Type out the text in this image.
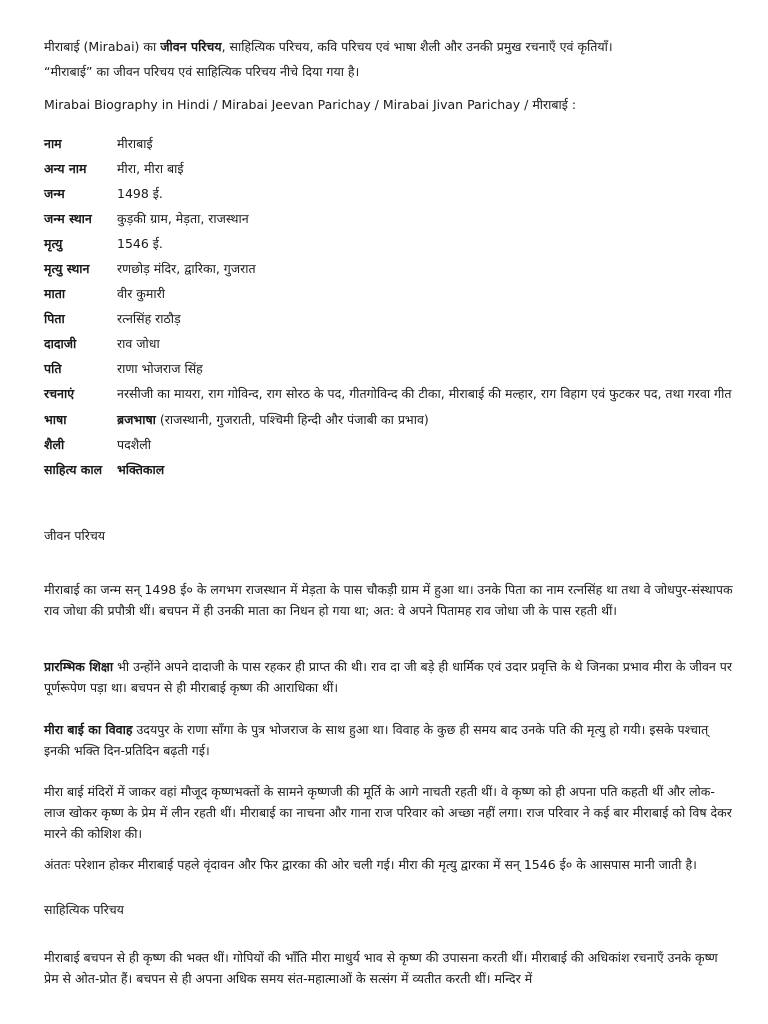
मीराबाई (Mirabai) का जीवन परिचय, साहित्यिक परिचय, कवि परिचय एवं भाषा शैली और उनकी प्रमुख रचनाएँ एवं कृतियाँ।
“मीराबाई” का जीवन परिचय एवं साहित्यिक परिचय नीचे दिया गया है।

Mirabai Biography in Hindi / Mirabai Jeevan Parichay / Mirabai Jivan Parichay / मीराबाई :

नाम	मीराबाई
अन्य नाम	मीरा, मीरा बाई
जन्म	1498 ई.
जन्म स्थान	कुड़की ग्राम, मेड़ता, राजस्थान
मृत्यु	1546 ई.
मृत्यु स्थान	रणछोड़ मंदिर, द्वारिका, गुजरात
माता	वीर कुमारी
पिता	रत्नसिंह राठौड़
दादाजी	राव जोधा
पति	राणा भोजराज सिंह
रचनाएं	नरसीजी का मायरा, राग गोविन्द, राग सोरठ के पद, गीतगोविन्द की टीका, मीराबाई की मल्हार, राग विहाग एवं फुटकर पद, तथा गरवा गीत
भाषा	ब्रजभाषा (राजस्थानी, गुजराती, पश्चिमी हिन्दी और पंजाबी का प्रभाव)
शैली	पदशैली
साहित्य काल	भक्तिकाल
जीवन परिचय

मीराबाई का जन्म सन् 1498 ई० के लगभग राजस्थान में मेड़ता के पास चौकड़ी ग्राम में हुआ था। उनके पिता का नाम रत्नसिंह था तथा वे जोधपुर-संस्थापक राव जोधा की प्रपौत्री थीं। बचपन में ही उनकी माता का निधन हो गया था; अत: वे अपने पितामह राव जोधा जी के पास रहती थीं।

प्रारम्भिक शिक्षा भी उन्होंने अपने दादाजी के पास रहकर ही प्राप्त की थी। राव दा जी बड़े ही धार्मिक एवं उदार प्रवृत्ति के थे जिनका प्रभाव मीरा के जीवन पर पूर्णरूपेण पड़ा था। बचपन से ही मीराबाई कृष्ण की आराधिका थीं।

मीरा बाई का विवाह उदयपुर के राणा साँगा के पुत्र भोजराज के साथ हुआ था। विवाह के कुछ ही समय बाद उनके पति की मृत्यु हो गयी। इसके पश्चात् इनकी भक्ति दिन-प्रतिदिन बढ़ती गई।

मीरा बाई मंदिरों में जाकर वहां मौजूद कृष्णभक्तों के सामने कृष्णजी की मूर्ति के आगे नाचती रहती थीं। वे कृष्ण को ही अपना पति कहती थीं और लोक-लाज खोकर कृष्ण के प्रेम में लीन रहती थीं। मीराबाई का नाचना और गाना राज परिवार को अच्छा नहीं लगा। राज परिवार ने कई बार मीराबाई को विष देकर मारने की कोशिश की।

अंततः परेशान होकर मीराबाई पहले वृंदावन और फिर द्वारका की ओर चली गई। मीरा की मृत्यु द्वारका में सन् 1546 ई० के आसपास मानी जाती है।

साहित्यिक परिचय

मीराबाई बचपन से ही कृष्ण की भक्त थीं। गोपियों की भाँति मीरा माधुर्य भाव से कृष्ण की उपासना करती थीं। मीराबाई की अधिकांश रचनाएँ उनके कृष्ण प्रेम से ओत-प्रोत हैं। बचपन से ही अपना अधिक समय संत-महात्माओं के सत्संग में व्यतीत करती थीं। मन्दिर में
